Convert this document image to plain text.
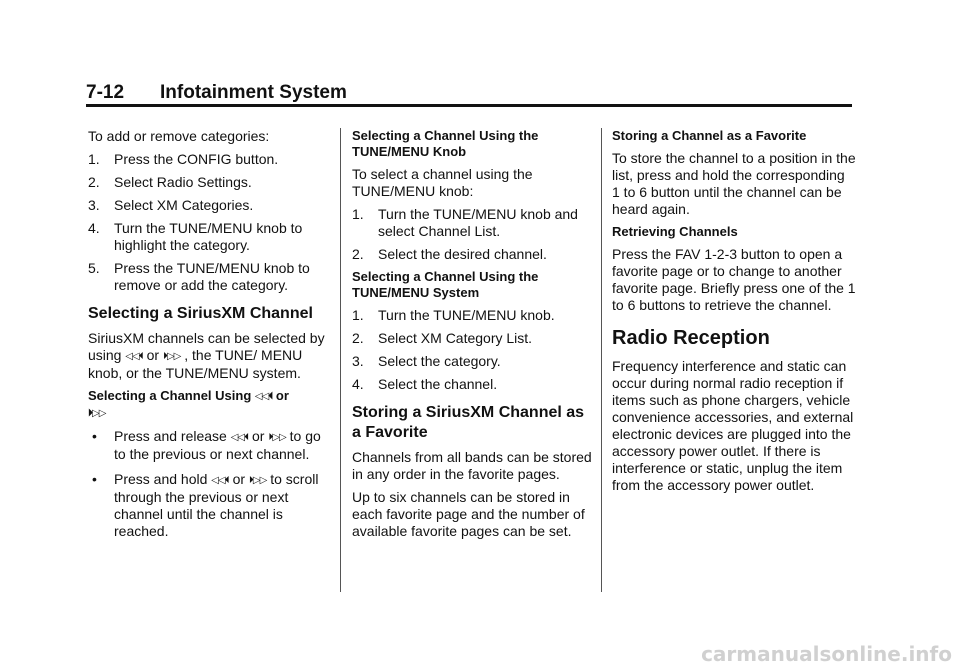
7-12 Infotainment System

To add or remove categories:

1. Press the CONFIG button.
2. Select Radio Settings.
3. Select XM Categories.
4. Turn the TUNE/MENU knob to highlight the category.
5. Press the TUNE/MENU knob to remove or add the category.
Selecting a SiriusXM Channel

SiriusXM channels can be selected by using ◁◁⏴ or ⏵▷▷ , the TUNE/ MENU knob, or the TUNE/MENU system.

Selecting a Channel Using ◁◁⏴ or
⏵▷▷
• Press and release ◁◁⏴ or ⏵▷▷ to go to the previous or next channel.
• Press and hold ◁◁⏴ or ⏵▷▷ to scroll through the previous or next channel until the channel is reached.
Selecting a Channel Using the TUNE/MENU Knob

To select a channel using the TUNE/MENU knob:

1. Turn the TUNE/MENU knob and select Channel List.
2. Select the desired channel.
Selecting a Channel Using the TUNE/MENU System
1. Turn the TUNE/MENU knob.
2. Select XM Category List.
3. Select the category.
4. Select the channel.
Storing a SiriusXM Channel as a Favorite

Channels from all bands can be stored in any order in the favorite pages.

Up to six channels can be stored in each favorite page and the number of available favorite pages can be set.

Storing a Channel as a Favorite

To store the channel to a position in the list, press and hold the corresponding 1 to 6 button until the channel can be heard again.

Retrieving Channels

Press the FAV 1-2-3 button to open a favorite page or to change to another favorite page. Briefly press one of the 1 to 6 buttons to retrieve the channel.

Radio Reception

Frequency interference and static can occur during normal radio reception if items such as phone chargers, vehicle convenience accessories, and external electronic devices are plugged into the accessory power outlet. If there is interference or static, unplug the item from the accessory power outlet.

carmanualsonline.info
